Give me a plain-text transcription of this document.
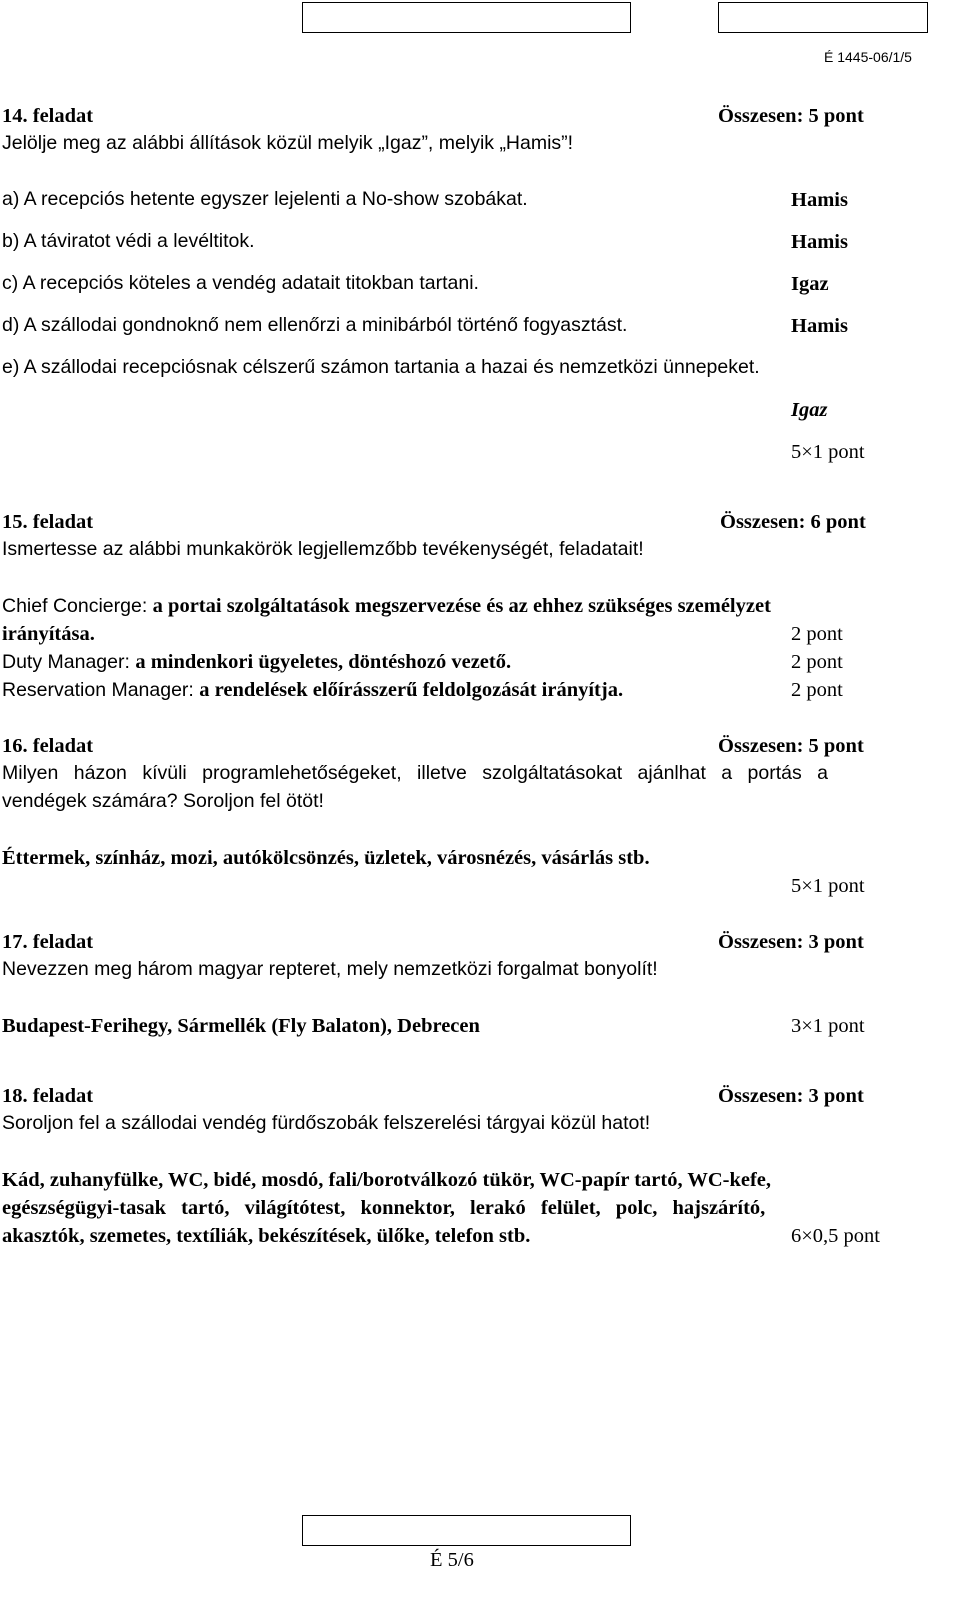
É 1445-06/1/5
14. feladat	Összesen: 5 pont
Jelölje meg az alábbi állítások közül melyik „Igaz”, melyik „Hamis”!
a) A recepciós hetente egyszer lejelenti a No-show szobákat.	Hamis
b) A táviratot védi a levéltitok.	Hamis
c) A recepciós köteles a vendég adatait titokban tartani.	Igaz
d) A szállodai gondnoknő nem ellenőrzi a minibárból történő fogyasztást.	Hamis
e) A szállodai recepciósnak célszerű számon tartania a hazai és nemzetközi ünnepeket.
Igaz
5×1 pont
15. feladat	Összesen: 6 pont
Ismertesse az alábbi munkakörök legjellemzőbb tevékenységét, feladatait!
Chief Concierge: a portai szolgáltatások megszervezése és az ehhez szükséges személyzet
irányítása.	2 pont
Duty Manager: a mindenkori ügyeletes, döntéshozó vezető.	2 pont
Reservation Manager: a rendelések előírásszerű feldolgozását irányítja.	2 pont
16. feladat	Összesen: 5 pont
Milyen házon kívüli programlehetőségeket, illetve szolgáltatásokat ajánlhat a portás a
vendégek számára? Soroljon fel ötöt!
Éttermek, színház, mozi, autókölcsönzés, üzletek, városnézés, vásárlás stb.
5×1 pont
17. feladat	Összesen: 3 pont
Nevezzen meg három magyar repteret, mely nemzetközi forgalmat bonyolít!
Budapest-Ferihegy, Sármellék (Fly Balaton), Debrecen	3×1 pont
18. feladat	Összesen: 3 pont
Soroljon fel a szállodai vendég fürdőszobák felszerelési tárgyai közül hatot!
Kád, zuhanyfülke, WC, bidé, mosdó, fali/borotválkozó tükör, WC-papír tartó, WC-kefe,
egészségügyi-tasak tartó, világítótest, konnektor, lerakó felület, polc, hajszárító,
akasztók, szemetes, textíliák, bekészítések, ülőke, telefon stb.	6×0,5 pont
É 5/6
